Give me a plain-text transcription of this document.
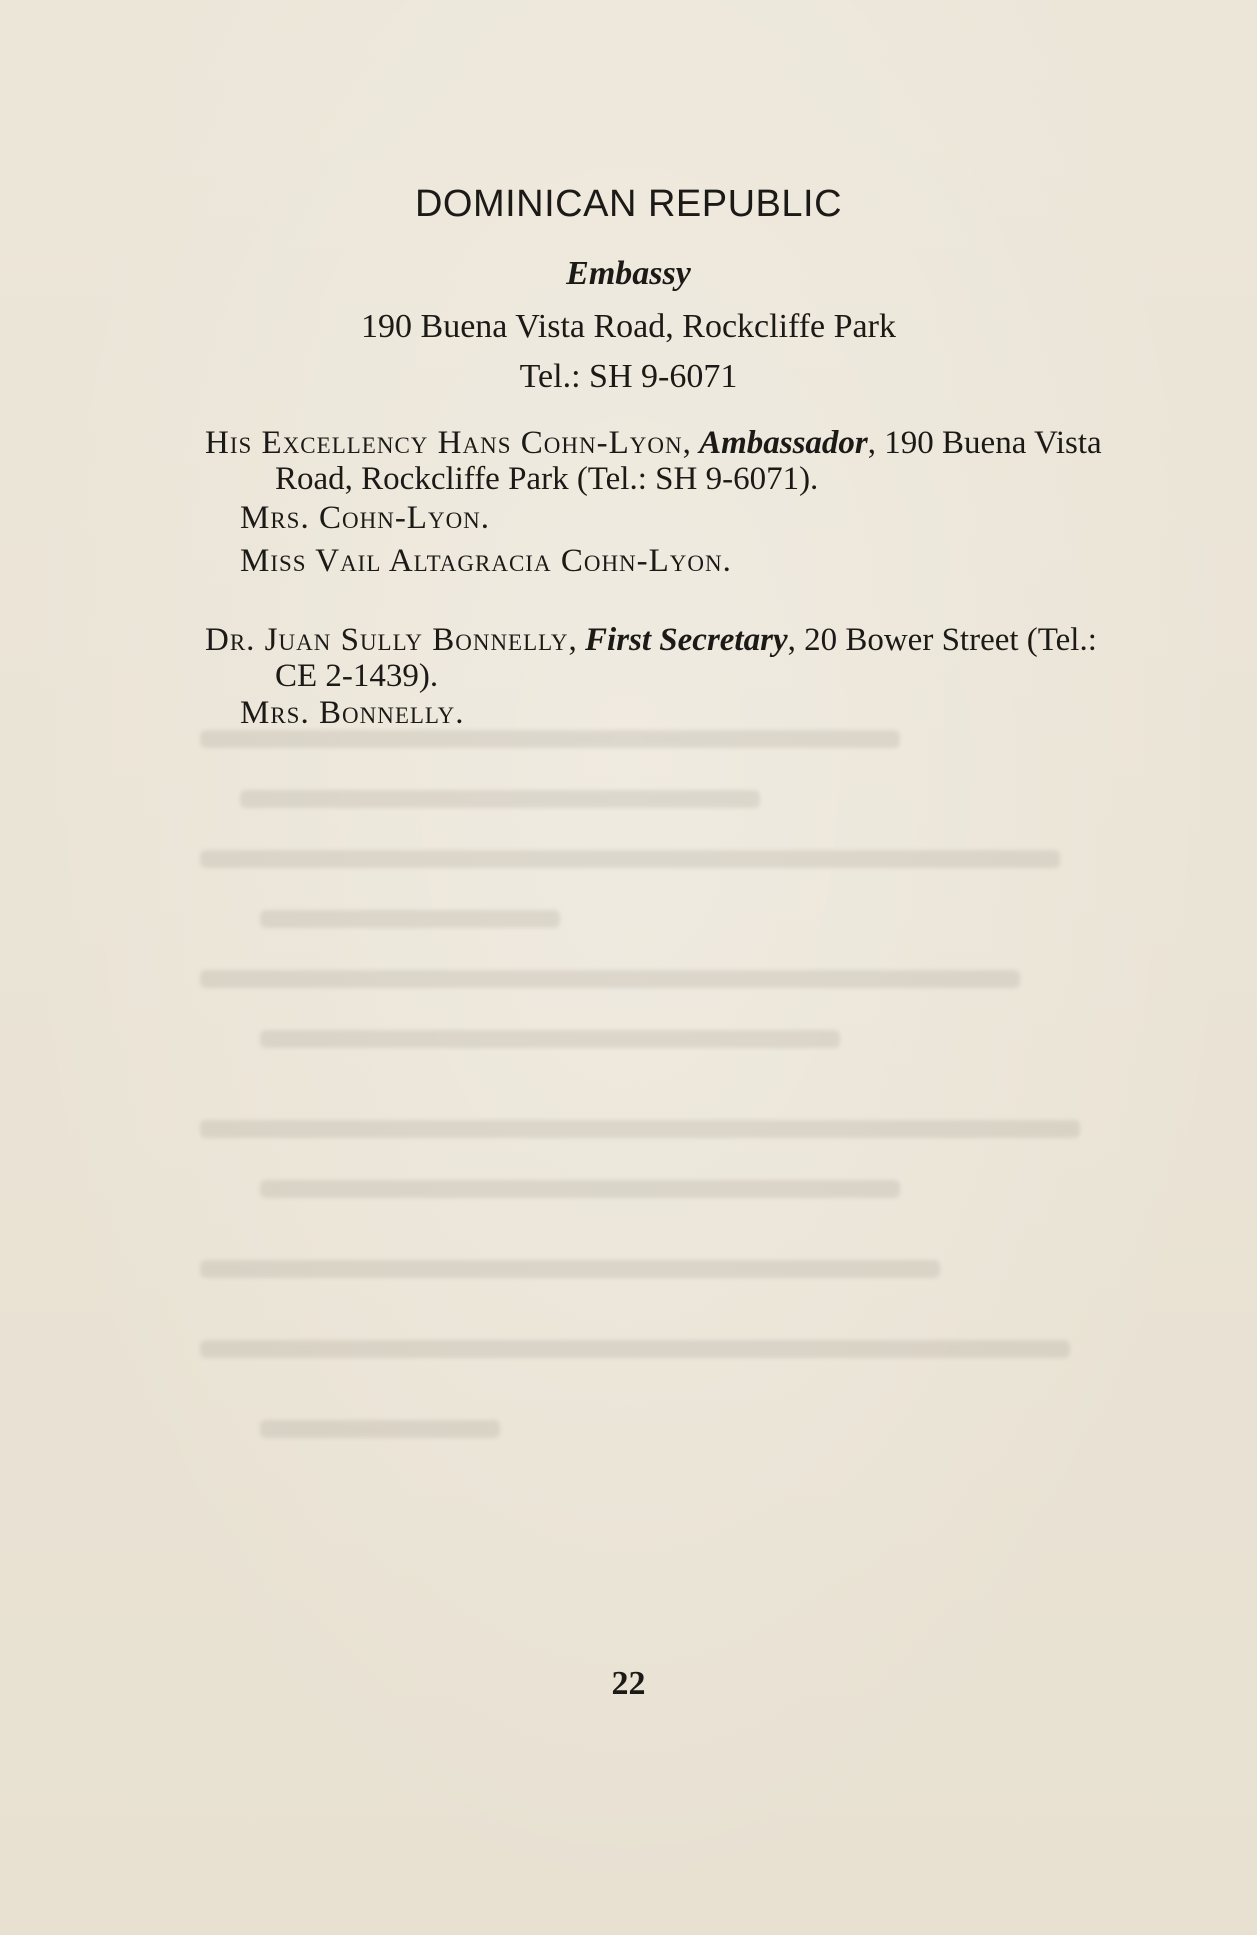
DOMINICAN REPUBLIC
Embassy
190 Buena Vista Road, Rockcliffe Park
Tel.: SH 9-6071
His Excellency Hans Cohn-Lyon, Ambassador, 190 Buena Vista Road, Rockcliffe Park (Tel.: SH 9-6071).
Mrs. Cohn-Lyon.
Miss Vail Altagracia Cohn-Lyon.
Dr. Juan Sully Bonnelly, First Secretary, 20 Bower Street (Tel.: CE 2-1439).
Mrs. Bonnelly.
22
